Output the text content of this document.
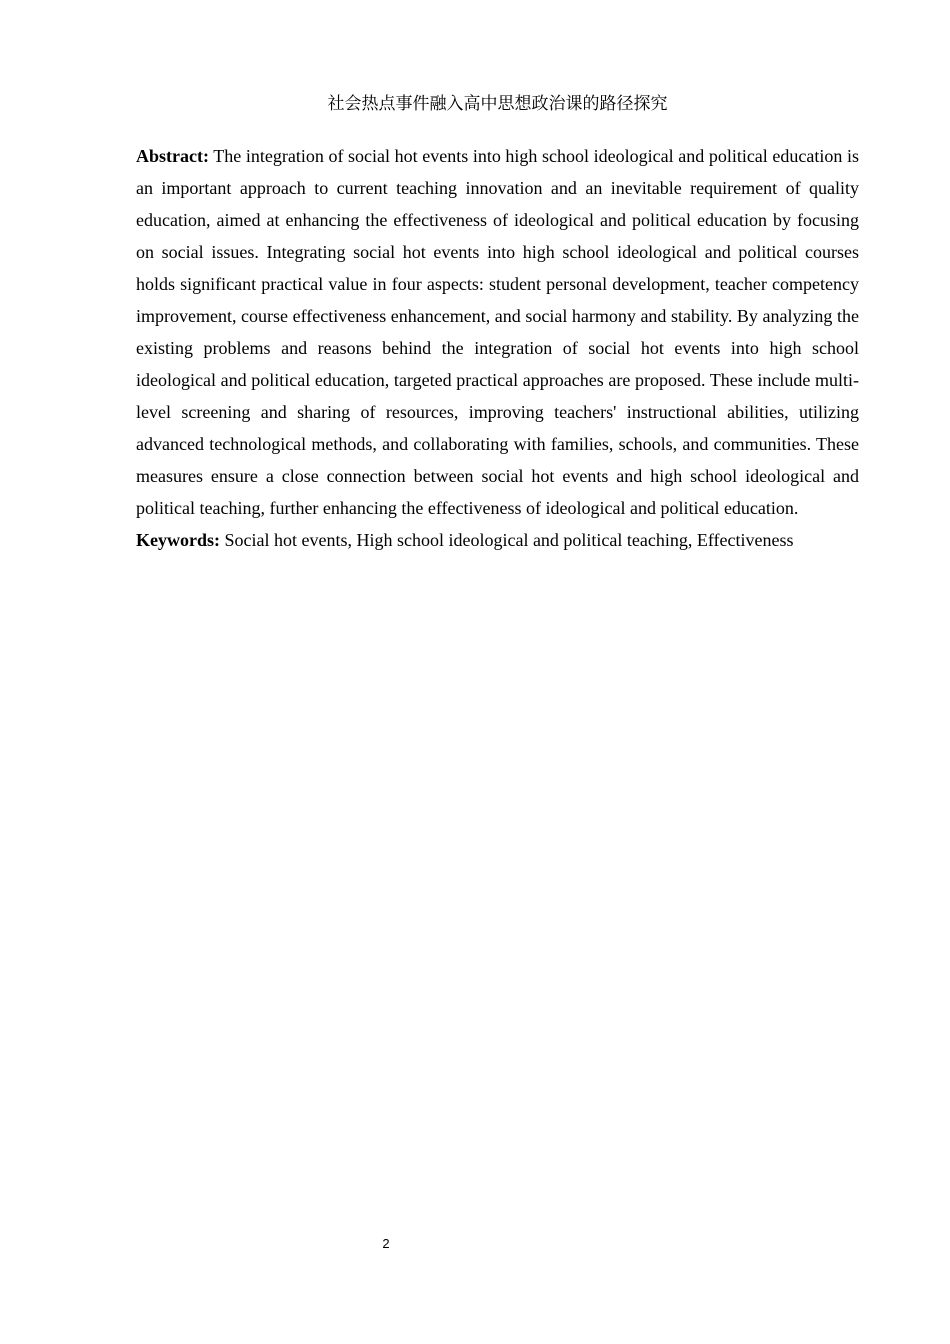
社会热点事件融入高中思想政治课的路径探究

Abstract: The integration of social hot events into high school ideological and political education is an important approach to current teaching innovation and an inevitable requirement of quality education, aimed at enhancing the effectiveness of ideological and political education by focusing on social issues. Integrating social hot events into high school ideological and political courses holds significant practical value in four aspects: student personal development, teacher competency improvement, course effectiveness enhancement, and social harmony and stability. By analyzing the existing problems and reasons behind the integration of social hot events into high school ideological and political education, targeted practical approaches are proposed. These include multi-level screening and sharing of resources, improving teachers' instructional abilities, utilizing advanced technological methods, and collaborating with families, schools, and communities. These measures ensure a close connection between social hot events and high school ideological and political teaching, further enhancing the effectiveness of ideological and political education.

Keywords: Social hot events, High school ideological and political teaching, Effectiveness

2
